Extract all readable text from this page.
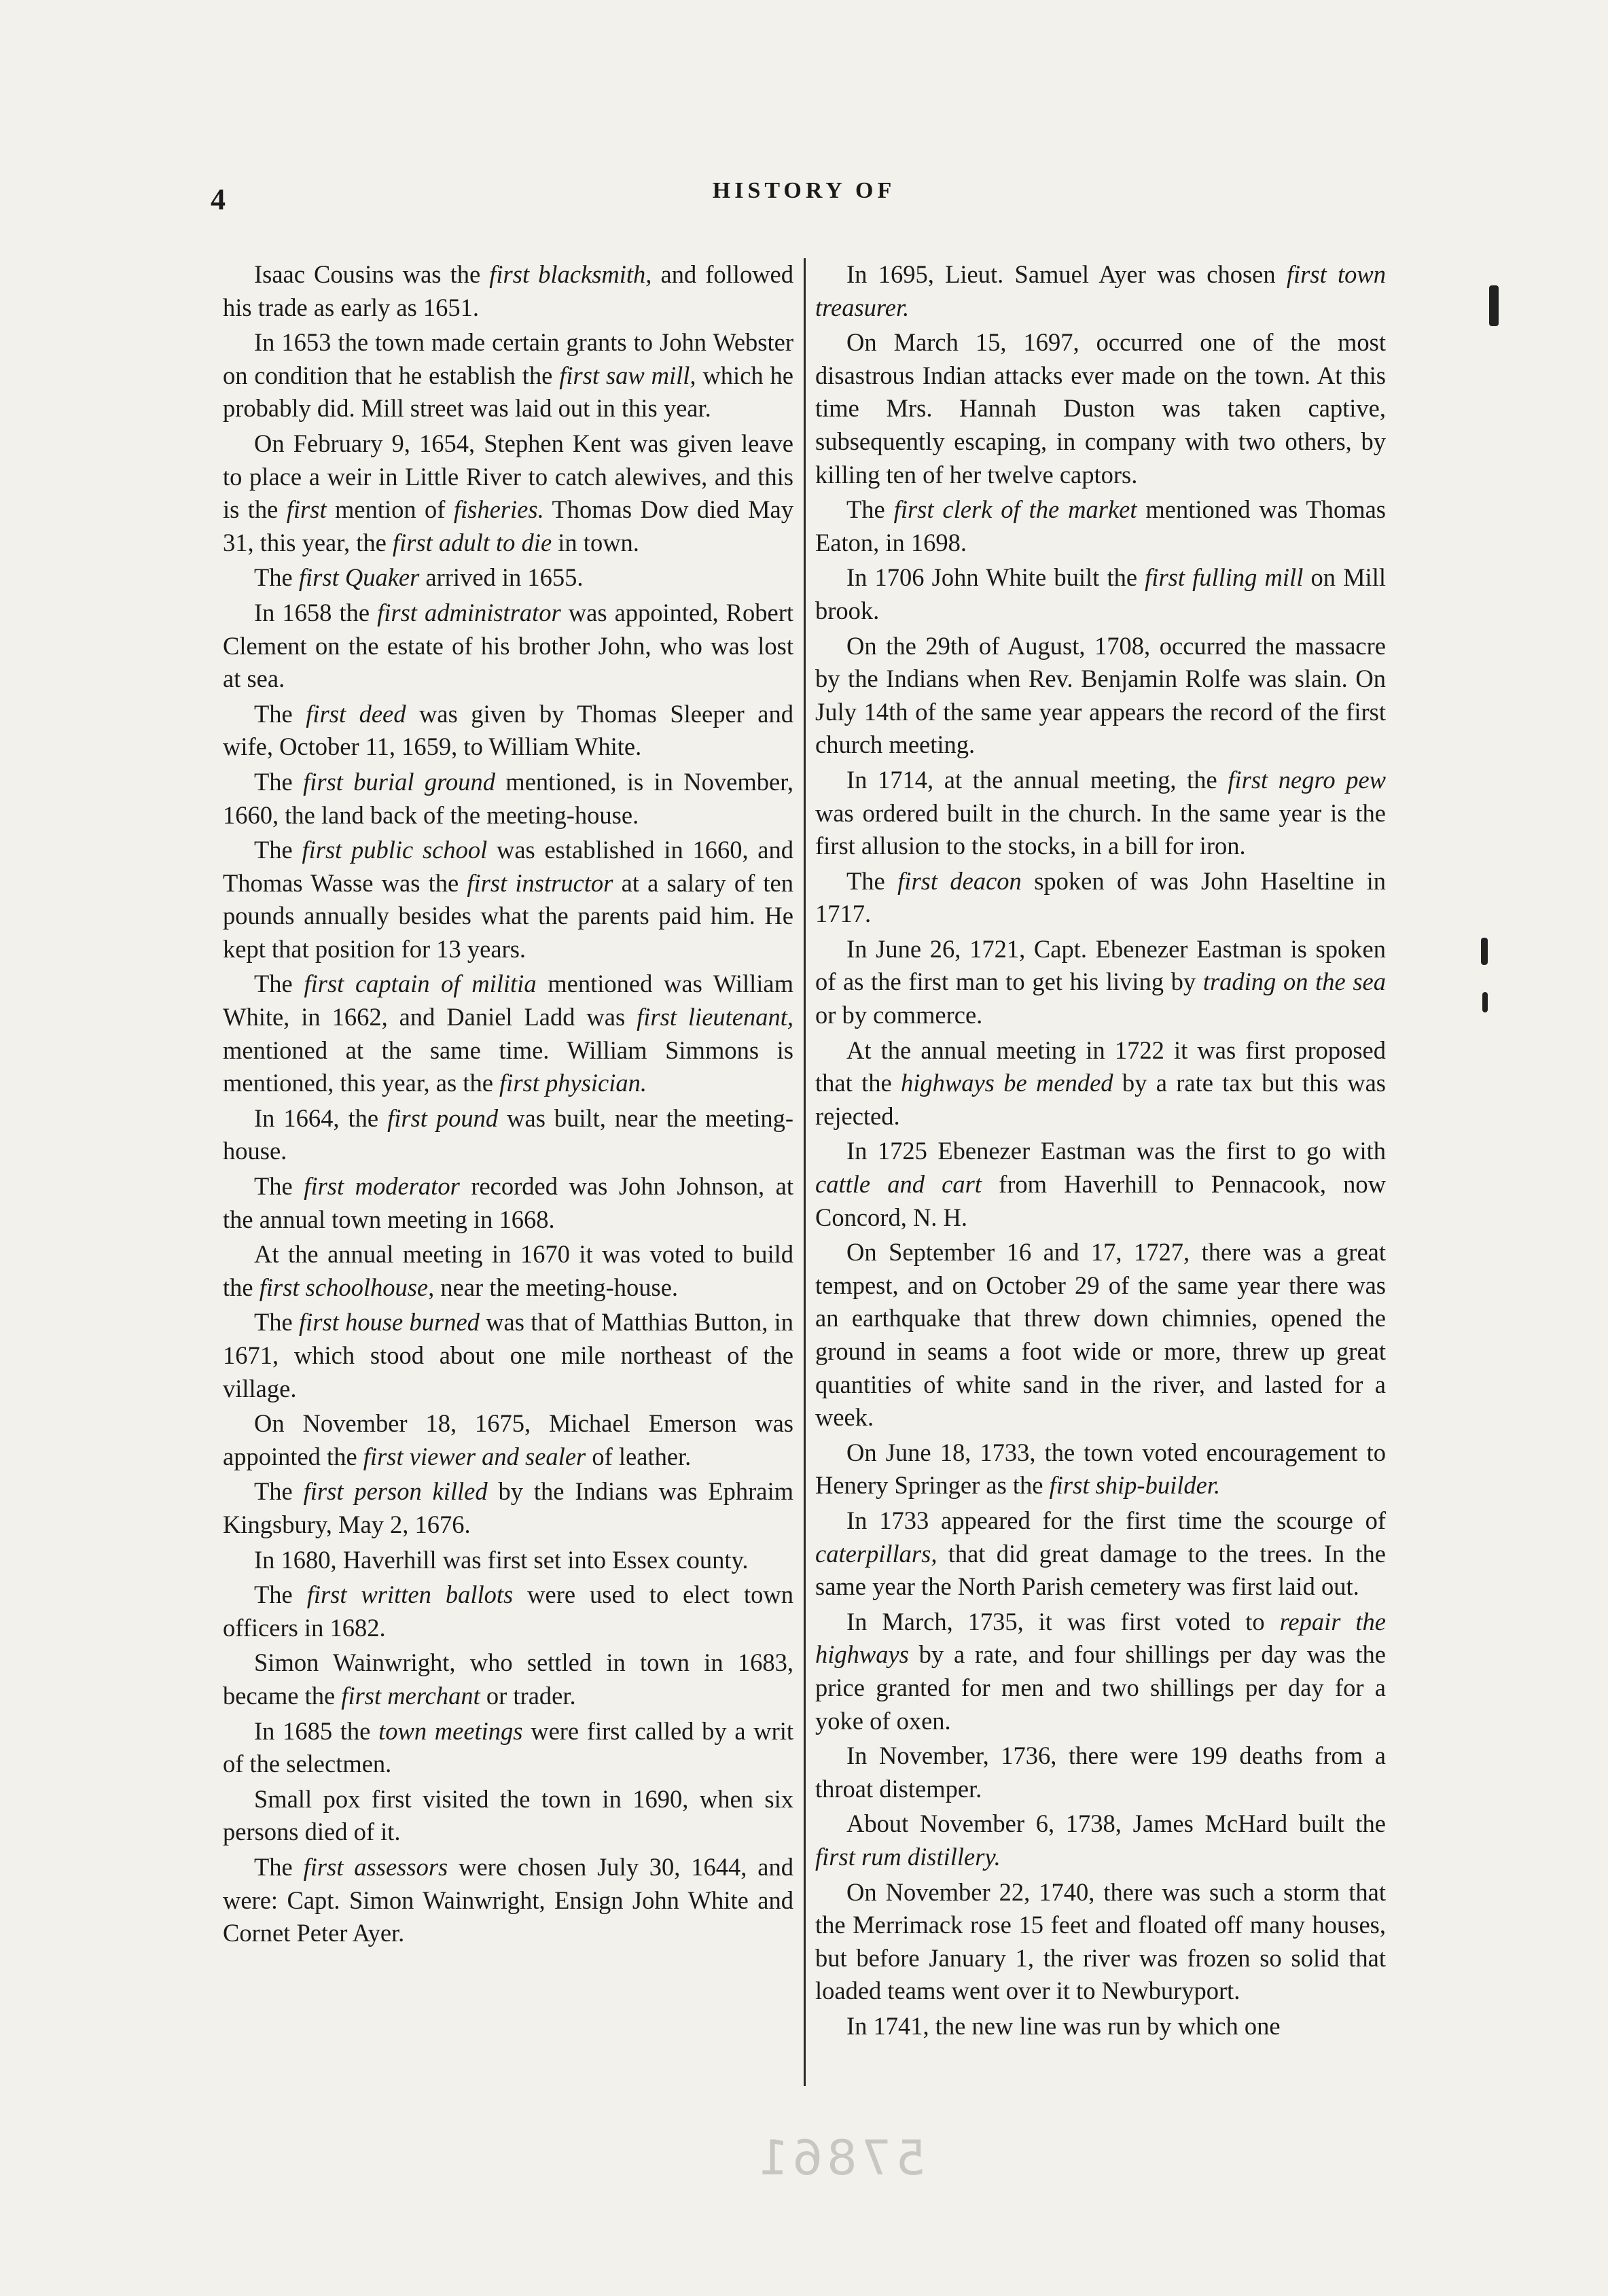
4	HISTORY OF

Isaac Cousins was the first blacksmith, and followed his trade as early as 1651.

In 1653 the town made certain grants to John Webster on condition that he establish the first saw mill, which he probably did. Mill street was laid out in this year.

On February 9, 1654, Stephen Kent was given leave to place a weir in Little River to catch alewives, and this is the first mention of fisheries. Thomas Dow died May 31, this year, the first adult to die in town.

The first Quaker arrived in 1655.

In 1658 the first administrator was appointed, Robert Clement on the estate of his brother John, who was lost at sea.

The first deed was given by Thomas Sleeper and wife, October 11, 1659, to William White.

The first burial ground mentioned, is in November, 1660, the land back of the meeting-house.

The first public school was established in 1660, and Thomas Wasse was the first instructor at a salary of ten pounds annually besides what the parents paid him. He kept that position for 13 years.

The first captain of militia mentioned was William White, in 1662, and Daniel Ladd was first lieutenant, mentioned at the same time. William Simmons is mentioned, this year, as the first physician.

In 1664, the first pound was built, near the meeting-house.

The first moderator recorded was John Johnson, at the annual town meeting in 1668.

At the annual meeting in 1670 it was voted to build the first schoolhouse, near the meeting-house.

The first house burned was that of Matthias Button, in 1671, which stood about one mile northeast of the village.

On November 18, 1675, Michael Emerson was appointed the first viewer and sealer of leather.

The first person killed by the Indians was Ephraim Kingsbury, May 2, 1676.

In 1680, Haverhill was first set into Essex county.

The first written ballots were used to elect town officers in 1682.

Simon Wainwright, who settled in town in 1683, became the first merchant or trader.

In 1685 the town meetings were first called by a writ of the selectmen.

Small pox first visited the town in 1690, when six persons died of it.

The first assessors were chosen July 30, 1644, and were: Capt. Simon Wainwright, Ensign John White and Cornet Peter Ayer.

In 1695, Lieut. Samuel Ayer was chosen first town treasurer.

On March 15, 1697, occurred one of the most disastrous Indian attacks ever made on the town. At this time Mrs. Hannah Duston was taken captive, subsequently escaping, in company with two others, by killing ten of her twelve captors.

The first clerk of the market mentioned was Thomas Eaton, in 1698.

In 1706 John White built the first fulling mill on Mill brook.

On the 29th of August, 1708, occurred the massacre by the Indians when Rev. Benjamin Rolfe was slain. On July 14th of the same year appears the record of the first church meeting.

In 1714, at the annual meeting, the first negro pew was ordered built in the church. In the same year is the first allusion to the stocks, in a bill for iron.

The first deacon spoken of was John Haseltine in 1717.

In June 26, 1721, Capt. Ebenezer Eastman is spoken of as the first man to get his living by trading on the sea or by commerce.

At the annual meeting in 1722 it was first proposed that the highways be mended by a rate tax but this was rejected.

In 1725 Ebenezer Eastman was the first to go with cattle and cart from Haverhill to Pennacook, now Concord, N. H.

On September 16 and 17, 1727, there was a great tempest, and on October 29 of the same year there was an earthquake that threw down chimnies, opened the ground in seams a foot wide or more, threw up great quantities of white sand in the river, and lasted for a week.

On June 18, 1733, the town voted encouragement to Henery Springer as the first ship-builder.

In 1733 appeared for the first time the scourge of caterpillars, that did great damage to the trees. In the same year the North Parish cemetery was first laid out.

In March, 1735, it was first voted to repair the highways by a rate, and four shillings per day was the price granted for men and two shillings per day for a yoke of oxen.

In November, 1736, there were 199 deaths from a throat distemper.

About November 6, 1738, James McHard built the first rum distillery.

On November 22, 1740, there was such a storm that the Merrimack rose 15 feet and floated off many houses, but before January 1, the river was frozen so solid that loaded teams went over it to Newburyport.

In 1741, the new line was run by which one

57861
